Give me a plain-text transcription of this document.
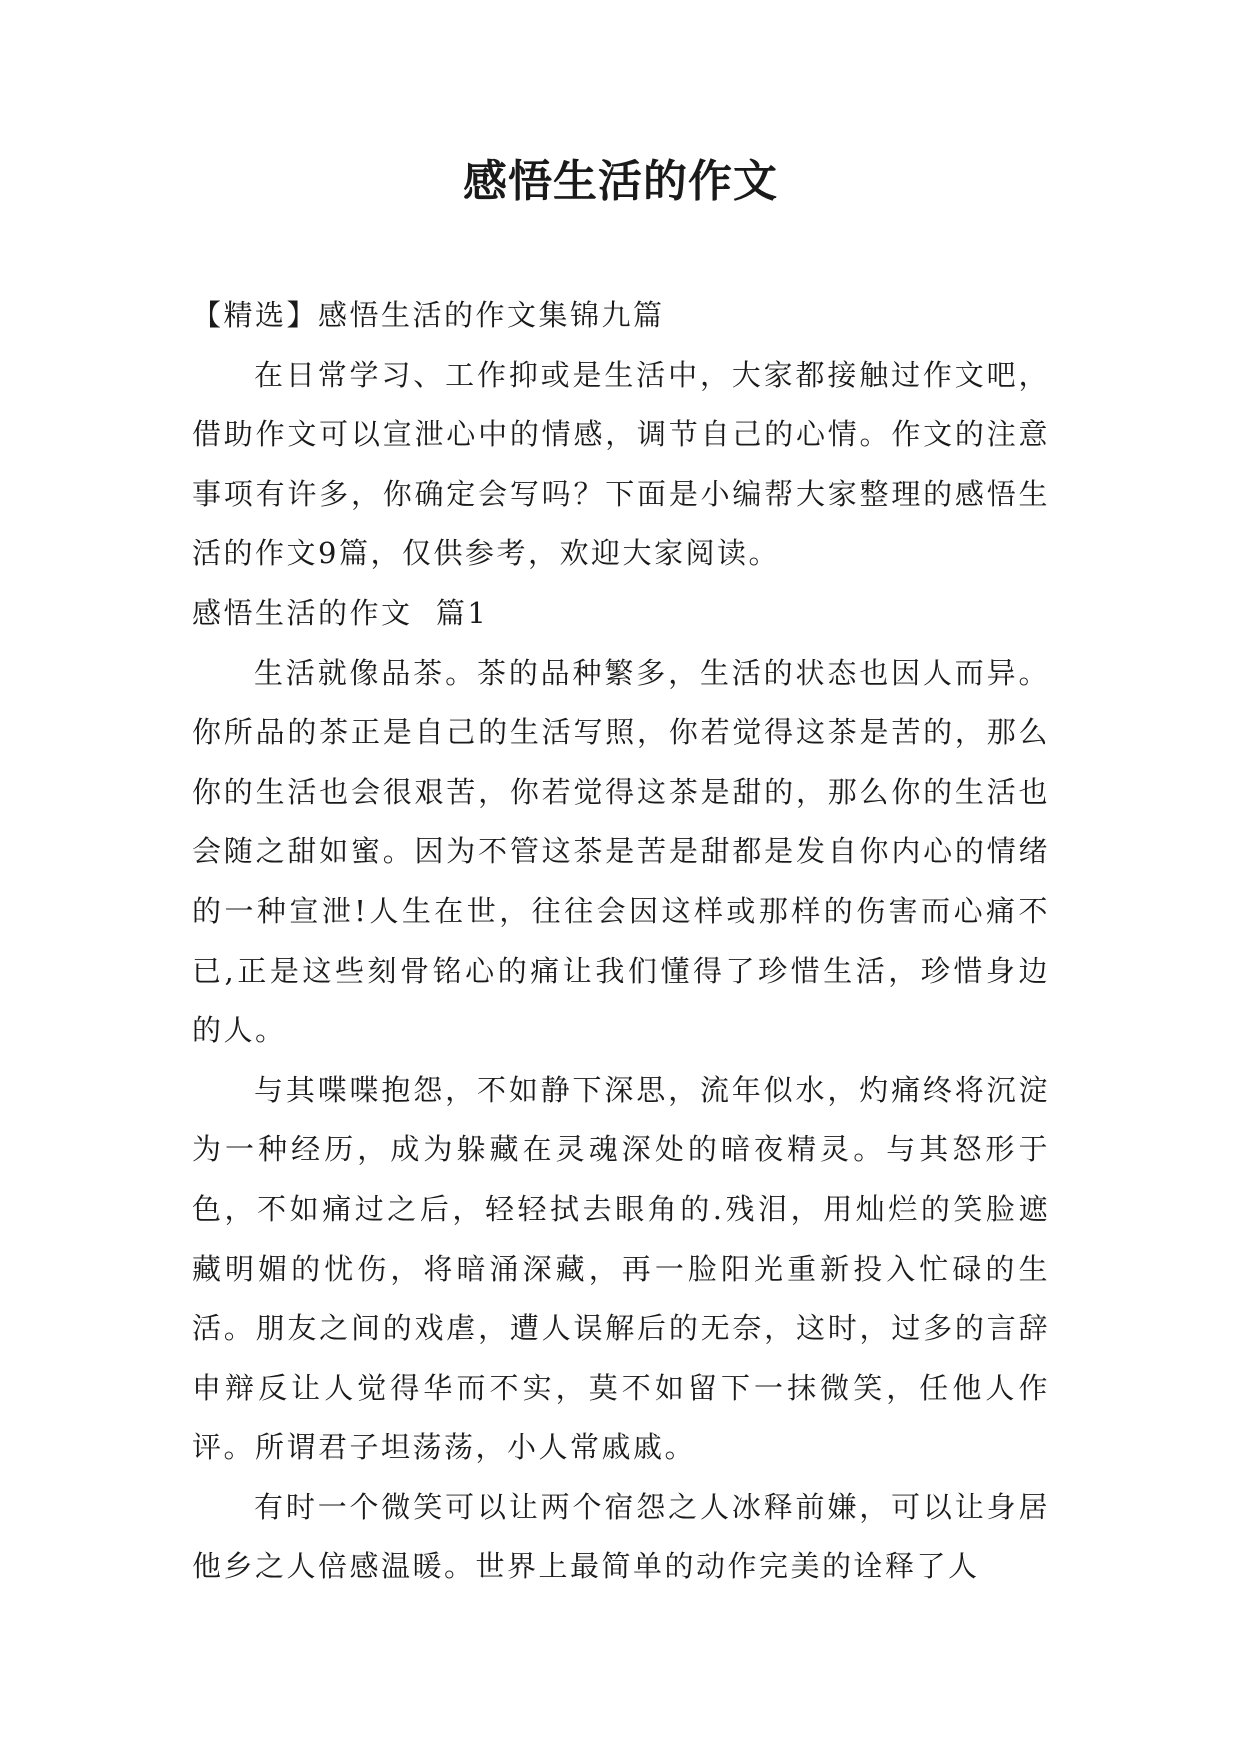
感悟生活的作文

【精选】感悟生活的作文集锦九篇

在日常学习、工作抑或是生活中，大家都接触过作文吧，借助作文可以宣泄心中的情感，调节自己的心情。作文的注意事项有许多，你确定会写吗？下面是小编帮大家整理的感悟生活的作文9篇，仅供参考，欢迎大家阅读。

感悟生活的作文  篇1

生活就像品茶。茶的品种繁多，生活的状态也因人而异。你所品的茶正是自己的生活写照，你若觉得这茶是苦的，那么你的生活也会很艰苦，你若觉得这茶是甜的，那么你的生活也会随之甜如蜜。因为不管这茶是苦是甜都是发自你内心的情绪的一种宣泄!人生在世，往往会因这样或那样的伤害而心痛不已,正是这些刻骨铭心的痛让我们懂得了珍惜生活，珍惜身边的人。

与其喋喋抱怨，不如静下深思，流年似水，灼痛终将沉淀为一种经历，成为躲藏在灵魂深处的暗夜精灵。与其怒形于色，不如痛过之后，轻轻拭去眼角的.残泪，用灿烂的笑脸遮藏明媚的忧伤，将暗涌深藏，再一脸阳光重新投入忙碌的生活。朋友之间的戏虐，遭人误解后的无奈，这时，过多的言辞申辩反让人觉得华而不实，莫不如留下一抹微笑，任他人作评。所谓君子坦荡荡，小人常戚戚。

有时一个微笑可以让两个宿怨之人冰释前嫌，可以让身居他乡之人倍感温暖。世界上最简单的动作完美的诠释了人
